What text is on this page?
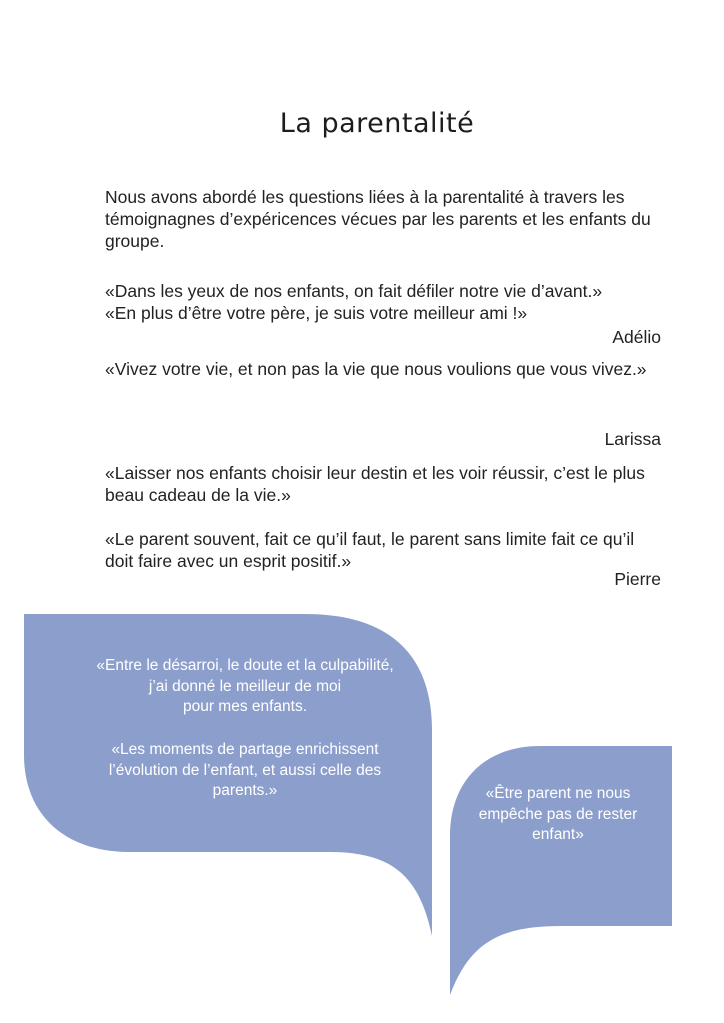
La parentalité
Nous avons abordé les questions liées à la parentalité à travers les témoignagnes d’expéricences vécues par les parents et les enfants du groupe.
«Dans les yeux de nos enfants, on fait défiler notre vie d’avant.»
«En plus d’être votre père, je suis votre meilleur ami !»
Adélio
«Vivez votre vie, et non pas la vie que nous voulions que vous vivez.»
Larissa
«Laisser nos enfants choisir leur destin et les voir réussir, c’est le plus beau cadeau de la vie.»
«Le parent souvent, fait ce qu’il faut, le parent sans limite fait ce qu’il doit faire avec un esprit positif.»
Pierre
«Entre le désarroi, le doute et la culpabilité,
j’ai donné le meilleur de moi
pour mes enfants.
«Les moments de partage enrichissent
l’évolution de l’enfant, et aussi celle des
parents.»	«Être parent ne nous
empêche pas de rester
enfant»
